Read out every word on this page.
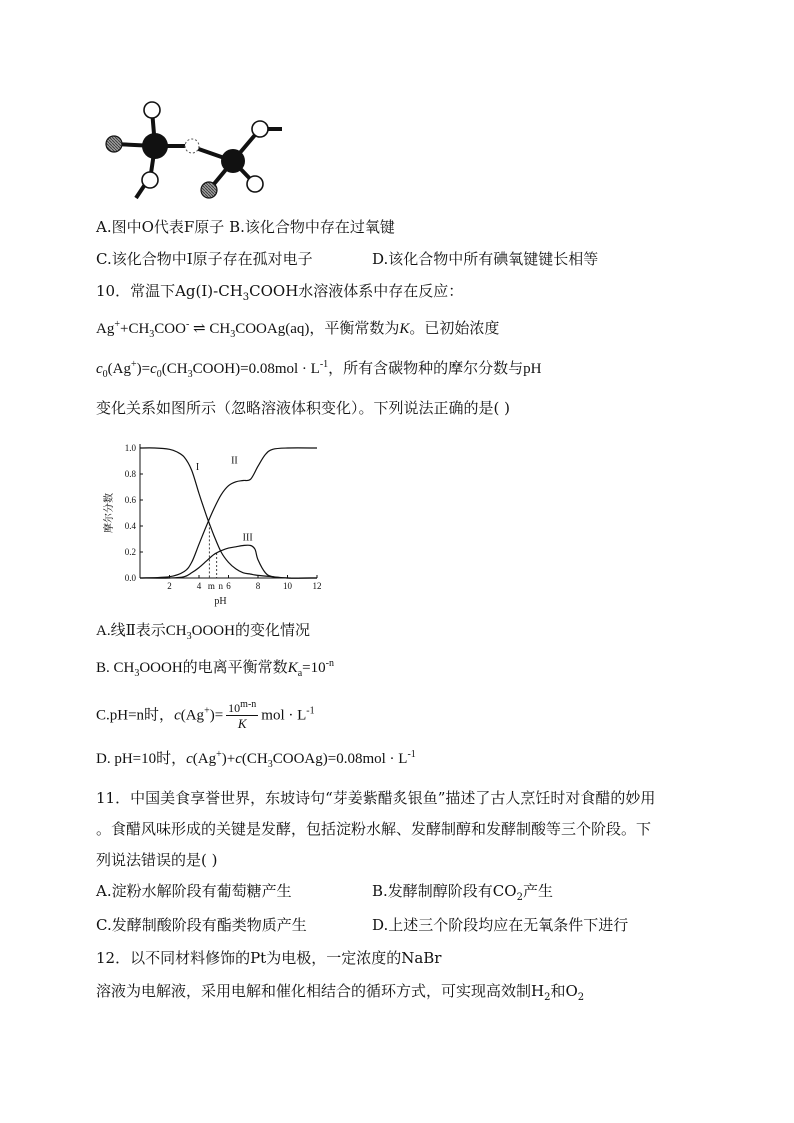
A.图中O代表F原子 B.该化合物中存在过氧键
C.该化合物中I原子存在孤对电子	D.该化合物中所有碘氧键键长相等
10．常温下$Ag(I)-CH_3COOH$水溶液体系中存在反应：
$Ag^++CH_3COO^-$ ⇌ $CH_3COOAg(aq)$，平衡常数为K。已初始浓度
$c_0(Ag^+)=c_0(CH_3COOH)=0.08mol \cdot L^{-1}$，所有含碳物种的摩尔分数与pH
变化关系如图所示（忽略溶液体积变化）。下列说法正确的是( )
0.0
0.2
0.4
0.6
0.8
1.0
2	4	6	8	10 12
m n
I
II
III
pH
摩尔分数
A.线Ⅱ表示$CH_3OOOH$的变化情况
B. $CH_3OOOH$的电离平衡常数$K_a=10^{-n}$
C.pH=n时，$c(Ag^+)= \frac{10^{m-n}}{K}$ mol · $L^{-1}$
D. pH=10时，$c(Ag^+)+c(CH_3COOAg)=0.08mol \cdot L^{-1}$
11．中国美食享誉世界，东坡诗句“芽姜紫醋炙银鱼”描述了古人烹饪时对食醋的妙用
。食醋风味形成的关键是发酵，包括淀粉水解、发酵制醇和发酵制酸等三个阶段。下
列说法错误的是( )
A.淀粉水解阶段有葡萄糖产生	B.发酵制醇阶段有$CO_2$产生
C.发酵制酸阶段有酯类物质产生	D.上述三个阶段均应在无氧条件下进行
12．以不同材料修饰的Pt为电极，一定浓度的NaBr
溶液为电解液，采用电解和催化相结合的循环方式，可实现高效制$H_2$和$O_2$
